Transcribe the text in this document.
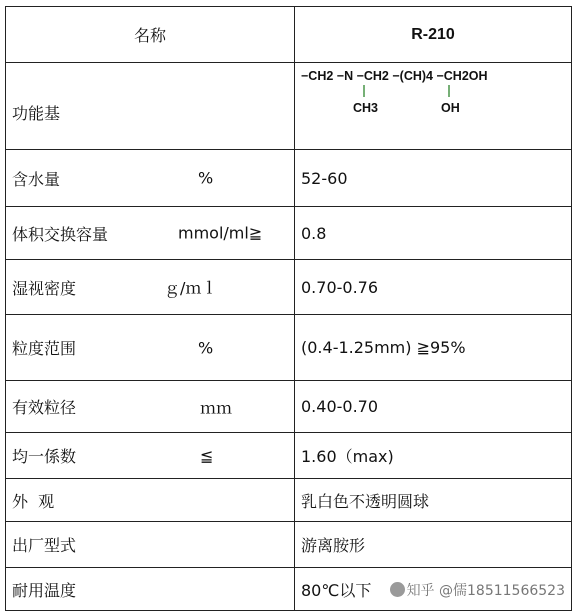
名称	R-210

功能基	−CH2 −N −CH2 −(CH)4 −CH2OH
CH3 OH

含水量 %	52-60
体积交换容量 mmol/ml≧	0.8
湿视密度 ｇ/ｍｌ	0.70-0.76
粒度范围 %	(0.4-1.25mm) ≧95%
有效粒径 ｍｍ	0.40-0.70
均一係数 ≦	1.60（max)
外  观	乳白色不透明圆球
出厂型式	游离胺形
耐用温度	80℃以下	知乎 @儒18511566523
